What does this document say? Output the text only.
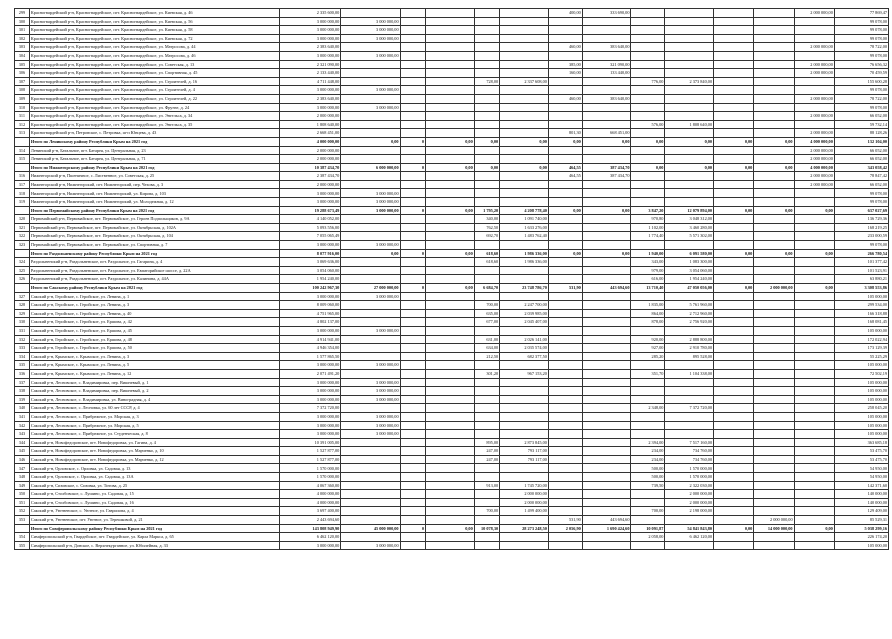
299	Красногвардейский р-н, Красногвардейское, пгт. Красногвардейское, ул. Киевская, д. 46	2 335 600,00						400,00	333 690,00					2 000 000,00	77 869,47
300	Красногвардейский р-н, Красногвардейское, пгт. Красногвардейское, ул. Киевская, д. 56	3 000 000,00	3 000 000,00												99 078,00
301	Красногвардейский р-н, Красногвардейское, пгт. Красногвардейское, ул. Киевская, д. 58	3 000 000,00	3 000 000,00												99 078,00
302	Красногвардейский р-н, Красногвардейское, пгт. Красногвардейское, ул. Киевская, д. 72	3 000 000,00	3 000 000,00												99 078,00
303	Красногвардейский р-н, Красногвардейское, пгт. Красногвардейское, ул. Матросова, д. 44	2 383 640,00						460,00	383 640,00					2 000 000,00	78 722,00
304	Красногвардейский р-н, Красногвардейское, пгт. Красногвардейское, ул. Матросова, д. 46	3 000 000,00	3 000 000,00												99 078,00
305	Красногвардейский р-н, Красногвардейское, пгт. Красногвардейское, ул. Советская, д. 13	2 321 090,00						385,00	321 090,00					2 000 000,00	76 656,32
306	Красногвардейский р-н, Красногвардейское, пгт. Красногвардейское, ул. Спортивная, д. 45	2 133 440,00						160,00	133 440,00					2 000 000,00	70 459,59
307	Красногвардейский р-н, Красногвардейское, пгт. Красногвардейское, ул. Строителей, д. 16	4 711 448,00				728,00	2 337 608,00			776,00	2 373 840,00				155 600,28
308	Красногвардейский р-н, Красногвардейское, пгт. Красногвардейское, ул. Строителей, д. 4	3 000 000,00	3 000 000,00												99 078,00
309	Красногвардейский р-н, Красногвардейское, пгт. Красногвардейское, ул. Строителей, д. 22	2 383 640,00						460,00	383 640,00					2 000 000,00	78 722,00
310	Красногвардейский р-н, Красногвардейское, пгт. Красногвардейское, ул. Фрунзе, д. 24	3 000 000,00	3 000 000,00												99 078,00
311	Красногвардейский р-н, Красногвардейское, пгт. Красногвардейское, ул. Энгельса, д. 34	2 000 000,00												2 000 000,00	66 052,00
312	Красногвардейский р-н, Красногвардейское, пгт. Красногвардейское, ул. Энгельса, д. 35	1 808 640,00								576,00	1 808 640,00				59 732,14
313	Красногвардейский р-н, Петровское, с. Петровка, ш-п Юнцева, д. 43	2 668 451,00						801,30	668 451,00					2 000 000,00	88 128,26
	Итого по Ленинскому району Республики Крым на 2021 год	4 000 000,00	0,00	0	0,00	0,00	0,00	0,00	0,00	0,00	0,00	0,00	0,00	4 000 000,00	132 104,00
314	Ленинский р-н, Батальное, пгт. Батарея, ул. Центральная, д. 23	2 000 000,00												2 000 000,00	66 052,00
315	Ленинский р-н, Батальное, пгт. Батарея, ул. Центральная, д. 71	2 000 000,00												2 000 000,00	66 052,00
	Итого по Нижнегорскому району Республики Крым на 2021 год	10 387 434,70	6 000 000,00	0	0,00	0,00	0,00	464,55	387 434,70	0,00	0,00	0,00	0,00	4 000 000,00	343 058,42
316	Нижнегорский р-н, Пшеничное, с. Лиственное, ул. Советская, д. 25	2 387 434,70						464,55	387 434,70					2 000 000,00	78 847,42
317	Нижнегорский р-н, Нижнегорский, пгт. Нижнегорский, пер. Чехова, д. 3	2 000 000,00												2 000 000,00	66 052,00
318	Нижнегорский р-н, Нижнегорский, пгт. Нижнегорский, ул. Кирова, д. 103	3 000 000,00	3 000 000,00												99 078,00
319	Нижнегорский р-н, Нижнегорский, пгт. Нижнегорский, ул. Молодежная, д. 12	3 000 000,00	3 000 000,00												99 078,00
	Итого по Первомайскому району Республики Крым на 2021 год	19 288 673,49	3 000 000,00	0	0,00	1 795,20	4 208 778,40	0,00	0,00	3 847,20	12 079 894,00	0,00	0,00	0,00	637 027,69
320	Первомайский р-н, Первомайское, пгт. Первомайское, ул. Героев Подпольщиков, д. 9А	4 140 052,00				340,00	1 091 740,00			970,80	3 048 312,00				136 729,36
321	Первомайский р-н, Первомайское, пгт. Первомайское, ул. Октябрьская, д. 102А	5 093 556,00				762,50	1 633 276,00			1 102,00	3 460 280,00				168 219,25
322	Первомайский р-н, Первомайское, пгт. Первомайское, ул. Октябрьская, д. 104	7 055 065,49				692,70	1 483 762,40			1 774,40	5 571 302,00				233 000,59
323	Первомайский р-н, Первомайское, пгт. Первомайское, ул. Спортивная, д. 7	3 000 000,00	3 000 000,00												99 078,00
	Итого по Раздольненскому району Республики Крым на 2021 год	8 077 916,00	0,00	0	0,00	618,60	1 986 336,00	0,00	0,00	1 940,00	6 091 580,00	0,00	0,00	0,00	266 780,54
324	Раздольненский р-н, Раздольненское, пгт. Раздольное, ул. Гагарина, д. 4	3 069 636,00				618,60	1 986 336,00			343,00	1 083 300,00				101 377,42
325	Раздольненский р-н, Раздольненское, пгт. Раздольное, ул. Евпаторийское шоссе, д. 22А	3 054 060,00								979,00	3 054 060,00				101 523,91
326	Раздольненский р-н, Раздольненское, пгт. Раздольное, ул. Калинина, д. 44А	1 954 240,00								616,00	1 954 240,00				63 880,21
	Итого по Сакскому району Республики Крым на 2021 год	100 242 967,30	27 000 000,00	0	0,00	6 684,70	23 748 786,70	531,90	443 694,60	13 710,40	47 050 056,00	0,00	2 000 000,00	0,00	3 308 553,86
327	Сакский р-н, Геройское, с. Геройское, ул. Ленина, д. 1	3 000 000,00	3 000 000,00												105 000,00
328	Сакский р-н, Геройское, с. Геройское, ул. Ленина, д. 3	8 009 060,00				700,00	2 247 700,00			1 835,00	5 761 960,00				299 534,00
329	Сакский р-н, Геройское, с. Геройское, ул. Ленина, д. 40	4 751 965,00				635,00	2 039 985,00			864,00	2 712 960,00				166 318,88
330	Сакский р-н, Геройское, с. Геройское, ул. Ершова, д. 42	4 802 137,00				677,00	2 045 407,00			878,00	2 756 920,00				168 081,45
331	Сакский р-н, Геройское, с. Геройское, ул. Ершова, д. 45	3 000 000,00	3 000 000,00												105 000,00
332	Сакский р-н, Геройское, с. Геройское, ул. Ершова, д. 48	4 914 941,00				631,00	2 026 141,00			920,00	2 888 800,00				172 022,94
333	Сакский р-н, Геройское, с. Геройское, ул. Ершова, д. 50	4 946 354,00				634,00	2 035 574,00			927,00	2 910 780,00				173 129,39
334	Сакский р-н, Крымское, с. Крымское, ул. Ленина, д. 3	1 577 865,50				212,50	682 377,50			285,20	895 528,00				55 225,29
335	Сакский р-н, Крымское, с. Крымское, ул. Ленина, д. 5	3 000 000,00	3 000 000,00												105 000,00
336	Сакский р-н, Крымское, с. Крымское, ул. Ленина, д. 12	2 071 491,20				301,20	967 153,20			351,70	1 104 338,00				72 502,19
337	Сакский р-н, Лесновское, с. Владимировка, пер. Вишневый, д. 1	3 000 000,00	3 000 000,00												105 000,00
338	Сакский р-н, Лесновское, с. Владимировка, пер. Вишневый, д. 2	3 000 000,00	3 000 000,00												105 000,00
339	Сакский р-н, Лесновское, с. Владимировка, ул. Виноградная, д. 4	3 000 000,00	3 000 000,00												105 000,00
340	Сакский р-н, Лесновское, с. Лесновка, ул. 60 лет СССР, д. 4	7 372 720,00								2 348,00	7 372 720,00				258 045,20
341	Сакский р-н, Лесновское, с. Прибрежное, ул. Морская, д. 3	3 000 000,00	3 000 000,00												105 000,00
342	Сакский р-н, Лесновское, с. Прибрежное, ул. Морская, д. 5	3 000 000,00	3 000 000,00												105 000,00
343	Сакский р-н, Лесновское, с. Прибрежное, ул. Студенческая, д. 8	3 000 000,00	3 000 000,00												105 000,00
344	Сакский р-н, Новофедоровское, пгт. Новофедоровка, ул. Гагина, д. 4	10 391 005,00				895,00	2 873 845,00			2 394,00	7 517 160,00				363 685,18
345	Сакский р-н, Новофедоровское, пгт. Новофедоровка, ул. Марченко, д. 10	1 527 877,00				247,00	793 117,00			234,00	734 760,00				53 475,70
346	Сакский р-н, Новофедоровское, пгт. Новофедоровка, ул. Марченко, д. 12	1 527 877,00				247,00	793 117,00			234,00	734 760,00				53 475,70
347	Сакский р-н, Орловское, с. Орловка, ул. Садовая, д. 13	1 570 000,00								500,00	1 570 000,00				54 950,00
348	Сакский р-н, Орловское, с. Орловка, ул. Садовая, д. 13А	1 570 000,00								500,00	1 570 000,00				54 950,00
349	Сакский р-н, Сизовское, с. Сизовка, ул. Титова, д. 25	4 067 360,00				913,00	1 745 720,00			739,50	2 322 030,00				142 371,60
350	Сакский р-н, Столбовское, с. Лушино, ул. Садовая, д. 15	4 000 000,00					2 000 000,00				2 000 000,00				140 000,00
351	Сакский р-н, Столбовское, с. Лушино, ул. Садовая, д. 16	4 000 000,00					2 000 000,00				2 000 000,00				140 000,00
352	Сакский р-н, Уютненское, с. Уютное, ул. Гаврилова, д. 4	3 697 400,00				700,00	1 499 400,00			700,00	2 198 000,00				129 409,00
353	Сакский р-н, Уютненское, пгт. Уютное, ул. Терешковой, д. 21	2 443 694,60						531,90	443 694,60				2 000 000,00		85 529,31
	Итого по Симферопольскому району Республики Крым на 2021 год	143 808 949,90	45 000 000,00	0	0,00	10 078,30	28 273 248,50	2 056,90	1 690 424,60	10 091,87	54 841 843,80	0,00	14 000 000,00	0,00	5 038 299,16
354	Симферопольский р-н, Гвардейское, пгт. Гвардейское, ул. Карла Маркса, д. 65	6 462 120,00								2 058,00	6 462 120,00				226 174,20
355	Симферопольский р-н, Донское, с. Верхнекурганное, ул. Юбилейная, д. 33	3 000 000,00	3 000 000,00												105 000,00
